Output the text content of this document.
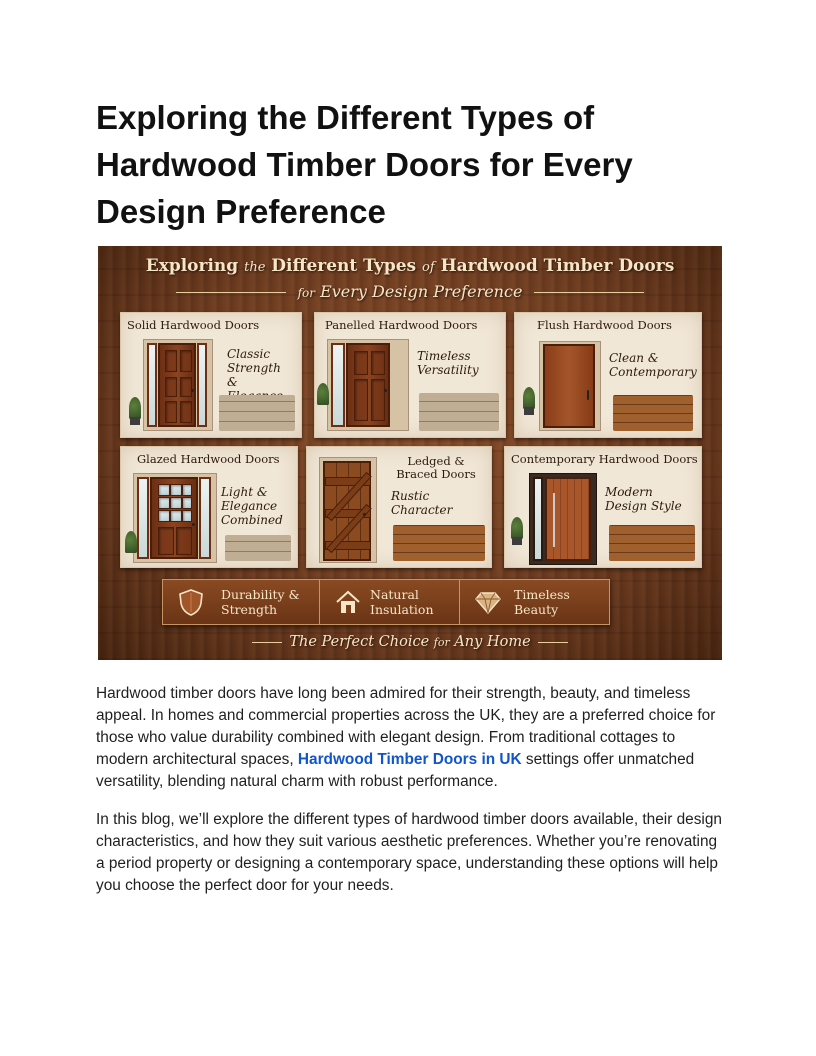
Exploring the Different Types of Hardwood Timber Doors for Every Design Preference
Exploring the Different Types of Hardwood Timber Doors
for Every Design Preference
Solid Hardwood Doors
Classic Strength &
Panelled Hardwood Doors
Timeless Versatility
Flush Hardwood Doors
Clean & Contemporary
Glazed Hardwood Doors
Light & Elegance Combined
Ledged & Braced Doors
Rustic Character
Contemporary Hardwood Doors
Modern Design Style
Durability &
Strength
Natural
Insulation
Timeless
Beauty
The Perfect Choice for Any Home

Hardwood timber doors have long been admired for their strength, beauty, and timeless appeal. In homes and commercial properties across the UK, they are a preferred choice for those who value durability combined with elegant design. From traditional cottages to modern architectural spaces, Hardwood Timber Doors in UK settings offer unmatched versatility, blending natural charm with robust performance.

In this blog, we’ll explore the different types of hardwood timber doors available, their design characteristics, and how they suit various aesthetic preferences. Whether you’re renovating a period property or designing a contemporary space, understanding these options will help you choose the perfect door for your needs.
